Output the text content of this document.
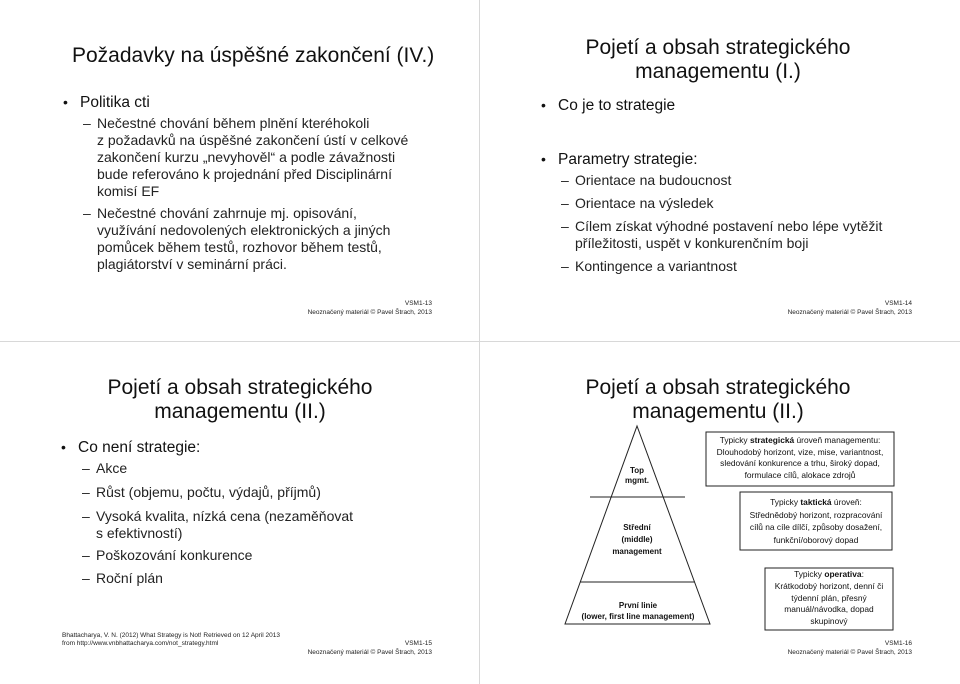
Požadavky na úspěšné zakončení (IV.)
• Politika cti
– Nečestné chování během plnění kteréhokoli
z požadavků na úspěšné zakončení ústí v celkové
zakončení kurzu „nevyhověl“ a podle závažnosti
bude referováno k projednání před Disciplinární
komisí EF
– Nečestné chování zahrnuje mj. opisování,
využívání nedovolených elektronických a jiných
pomůcek během testů, rozhovor během testů,
plagiátorství v seminární práci.
VSM1-13
Neoznačený materiál © Pavel Štrach, 2013
Pojetí a obsah strategického
managementu (I.)
• Co je to strategie
• Parametry strategie:
– Orientace na budoucnost
– Orientace na výsledek
– Cílem získat výhodné postavení nebo lépe vytěžit
příležitosti, uspět v konkurenčním boji
– Kontingence a variantnost
VSM1-14
Neoznačený materiál © Pavel Štrach, 2013
Pojetí a obsah strategického
managementu (II.)
• Co není strategie:
– Akce
– Růst (objemu, počtu, výdajů, příjmů)
– Vysoká kvalita, nízká cena (nezaměňovat
s efektivností)
– Poškozování konkurence
– Roční plán
Bhattacharya, V. N. (2012) What Strategy is Not! Retrieved on 12 April 2013
from http://www.vnbhattacharya.com/not_strategy.html	VSM1-15
Neoznačený materiál © Pavel Štrach, 2013
Pojetí a obsah strategického
managementu (II.)
Top
mgmt.
Střední
(middle)
management
První linie
(lower, first line management)
Typicky strategická úroveň managementu:
Dlouhodobý horizont, vize, mise, variantnost,
sledování konkurence a trhu, široký dopad,
formulace cílů, alokace zdrojů
Typicky taktická úroveň:
Střednědobý horizont, rozpracování
cílů na cíle dílčí, způsoby dosažení,
funkční/oborový dopad
Typicky operativa:
Krátkodobý horizont, denní či
týdenní plán, přesný
manuál/návodka, dopad
skupinový
VSM1-16
Neoznačený materiál © Pavel Štrach, 2013
